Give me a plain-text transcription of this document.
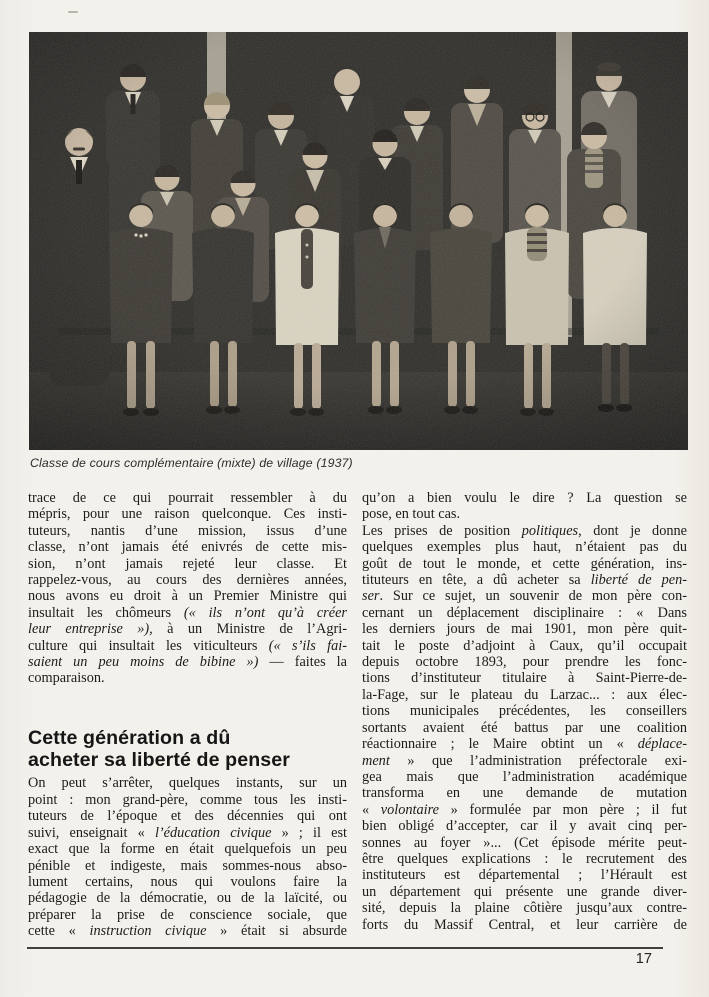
Classe de cours complémentaire (mixte) de village (1937)
trace de ce qui pourrait ressembler à du
mépris, pour une raison quelconque. Ces insti-
tuteurs, nantis d’une mission, issus d’une
classe, n’ont jamais été enivrés de cette mis-
sion, n’ont jamais rejeté leur classe. Et
rappelez-vous, au cours des dernières années,
nous avons eu droit à un Premier Ministre qui
insultait les chômeurs (« ils n’ont qu’à créer
leur entreprise »), à un Ministre de l’Agri-
culture qui insultait les viticulteurs (« s’ils fai-
saient un peu moins de bibine ») — faites la
comparaison.
Cette génération a dû
acheter sa liberté de penser
On peut s’arrêter, quelques instants, sur un
point : mon grand-père, comme tous les insti-
tuteurs de l’époque et des décennies qui ont
suivi, enseignait « l’éducation civique » ; il est
exact que la forme en était quelquefois un peu
pénible et indigeste, mais sommes-nous abso-
lument certains, nous qui voulons faire la
pédagogie de la démocratie, ou de la laïcité, ou
préparer la prise de conscience sociale, que
cette « instruction civique » était si absurde
qu’on a bien voulu le dire ? La question se
pose, en tout cas.
Les prises de position politiques, dont je donne
quelques exemples plus haut, n’étaient pas du
goût de tout le monde, et cette génération, ins-
tituteurs en tête, a dû acheter sa liberté de pen-
ser. Sur ce sujet, un souvenir de mon père con-
cernant un déplacement disciplinaire : « Dans
les derniers jours de mai 1901, mon père quit-
tait le poste d’adjoint à Caux, qu’il occupait
depuis octobre 1893, pour prendre les fonc-
tions d’instituteur titulaire à Saint-Pierre-de-
la-Fage, sur le plateau du Larzac... : aux élec-
tions municipales précédentes, les conseillers
sortants avaient été battus par une coalition
réactionnaire ; le Maire obtint un « déplace-
ment » que l’administration préfectorale exi-
gea mais que l’administration académique
transforma en une demande de mutation
« volontaire » formulée par mon père ; il fut
bien obligé d’accepter, car il y avait cinq per-
sonnes au foyer »... (Cet épisode mérite peut-
être quelques explications : le recrutement des
instituteurs est départemental ; l’Hérault est
un département qui présente une grande diver-
sité, depuis la plaine côtière jusqu’aux contre-
forts du Massif Central, et leur carrière de
17
